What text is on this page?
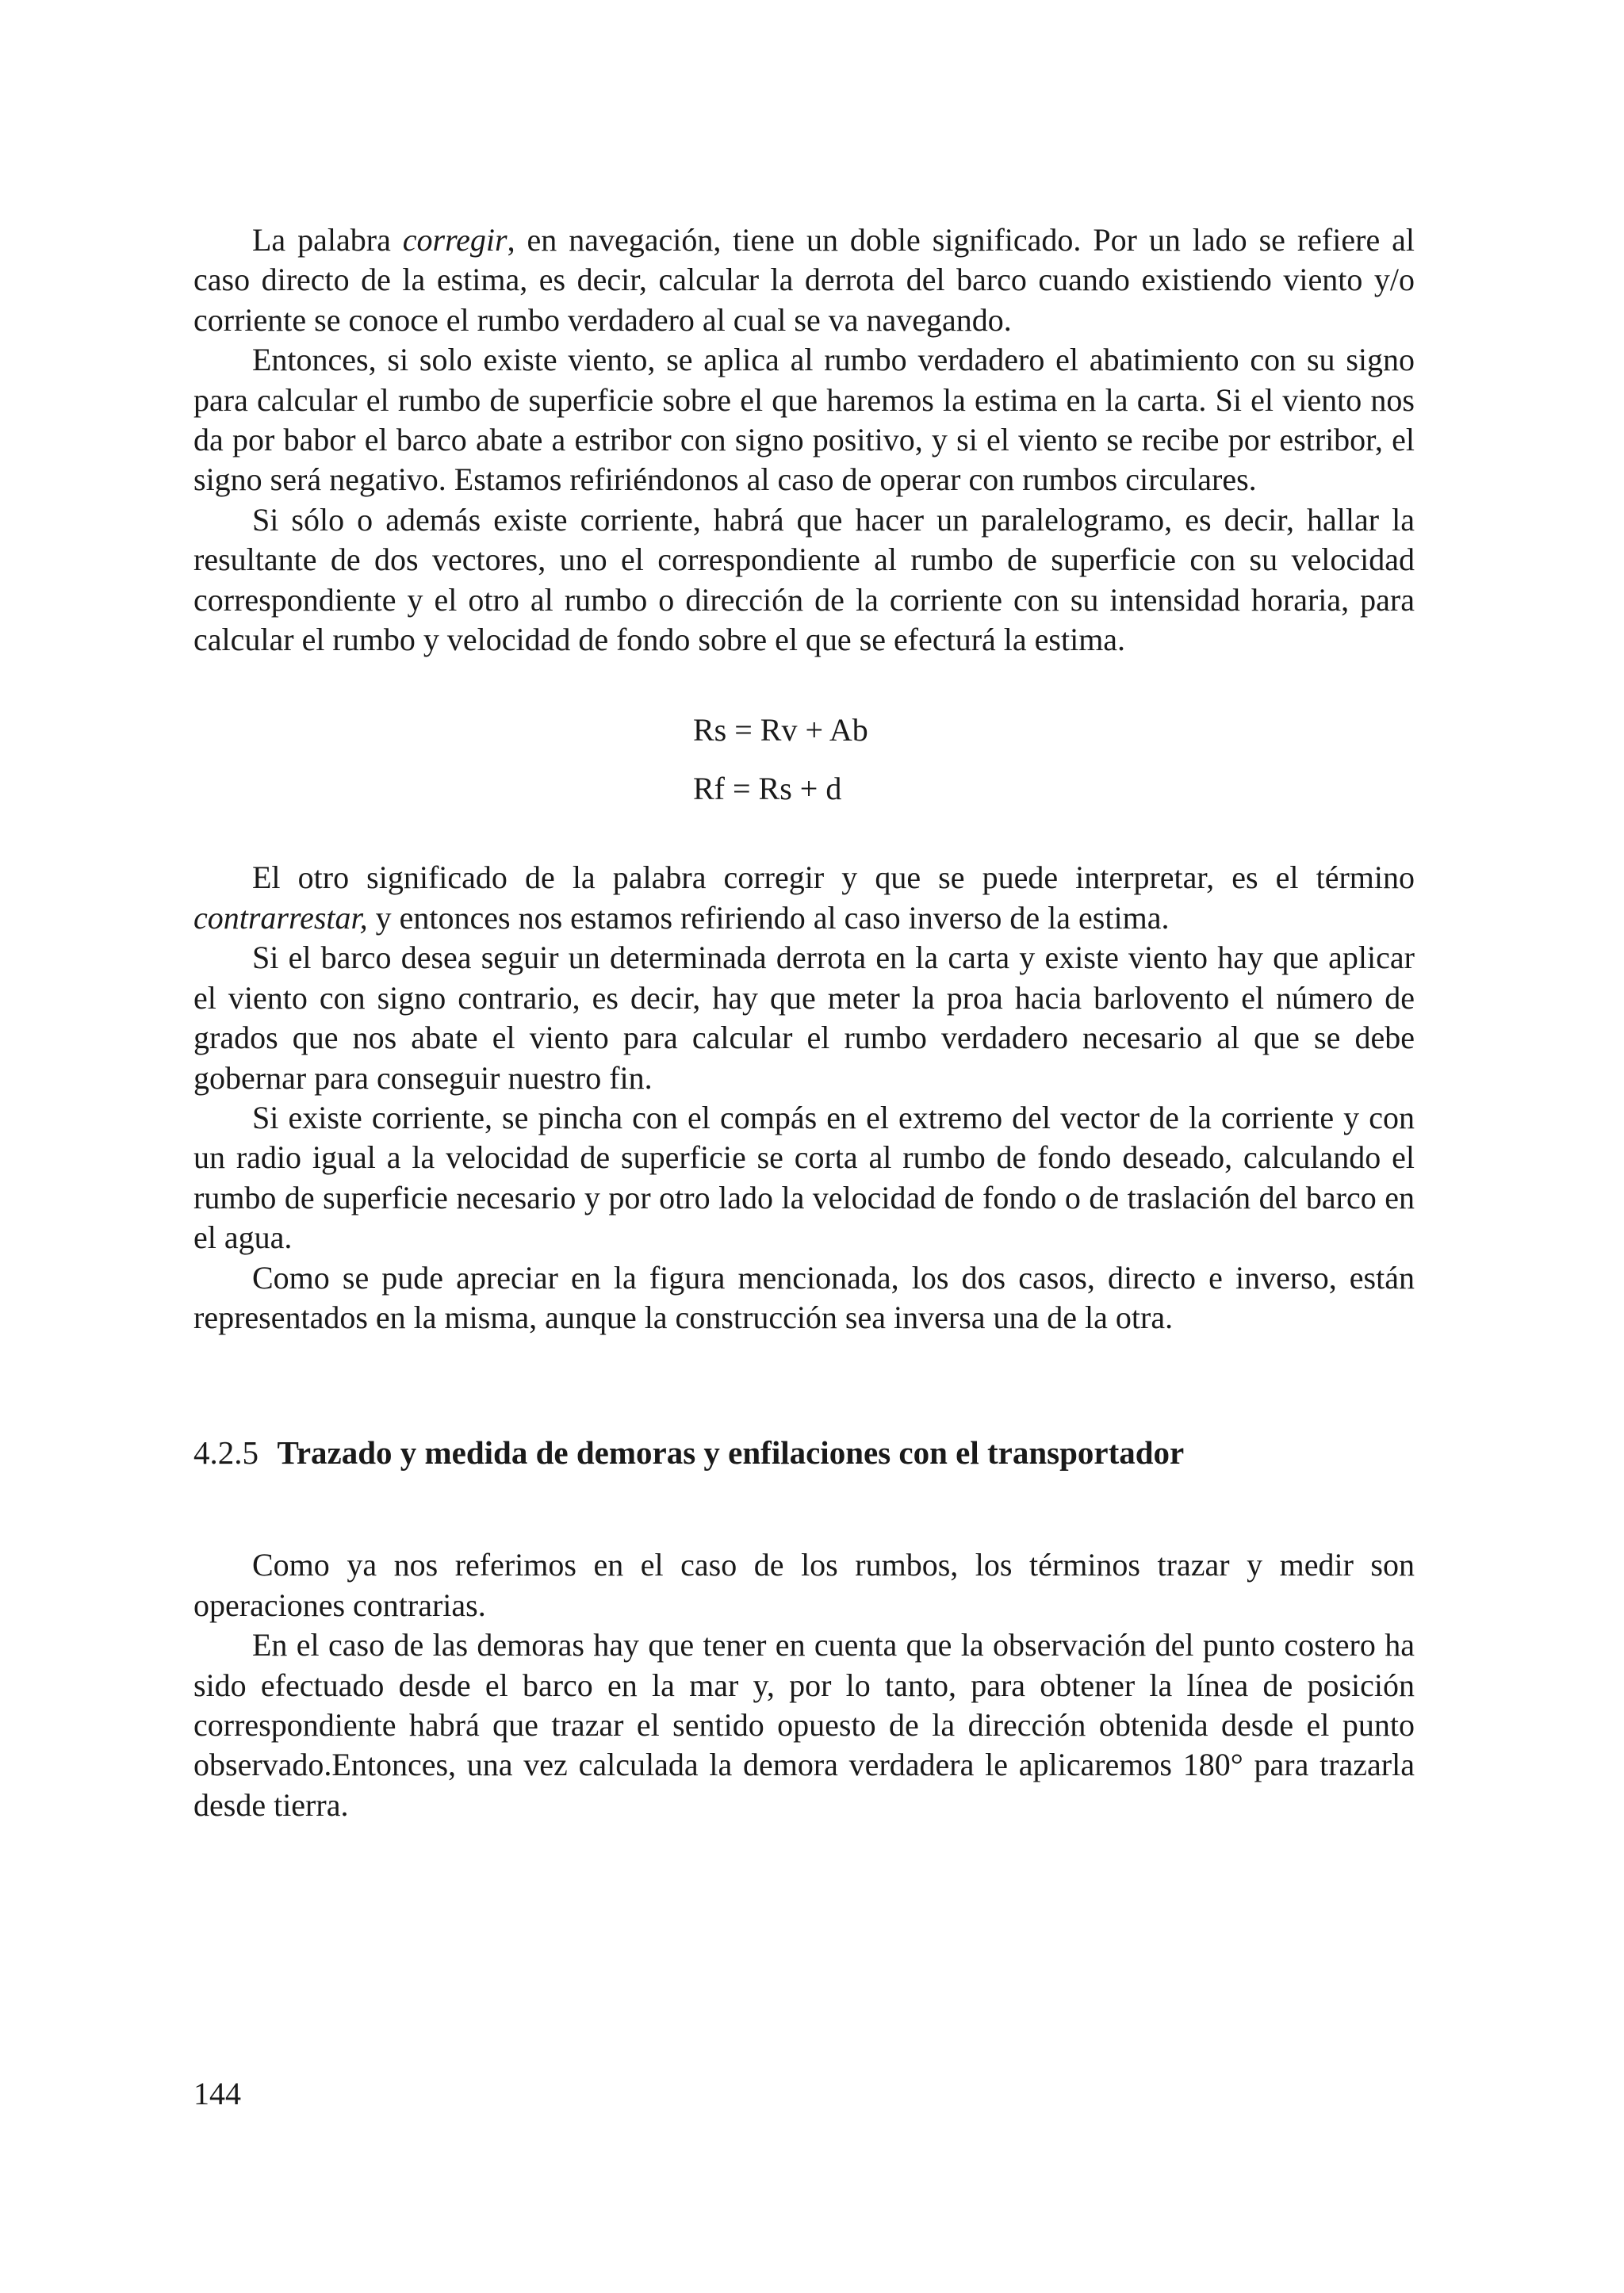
La palabra corregir, en navegación, tiene un doble significado. Por un lado se refiere al caso directo de la estima, es decir, calcular la derrota del barco cuando existiendo viento y/o corriente se conoce el rumbo verdadero al cual se va navegando.

Entonces, si solo existe viento, se aplica al rumbo verdadero el abatimiento con su signo para calcular el rumbo de superficie sobre el que haremos la estima en la carta. Si el viento nos da por babor el barco abate a estribor con signo positivo, y si el viento se recibe por estribor, el signo será negativo. Estamos refiriéndonos al caso de operar con rumbos circulares.

Si sólo o además existe corriente, habrá que hacer un paralelogramo, es decir, hallar la resultante de dos vectores, uno el correspondiente al rumbo de superficie con su velocidad correspondiente y el otro al rumbo o dirección de la corriente con su intensidad horaria, para calcular el rumbo y velocidad de fondo sobre el que se efecturá la estima.

Rs = Rv + Ab

Rf = Rs + d

El otro significado de la palabra corregir y que se puede interpretar, es el término contrarrestar, y entonces nos estamos refiriendo al caso inverso de la estima.

Si el barco desea seguir un determinada derrota en la carta y existe viento hay que aplicar el viento con signo contrario, es decir, hay que meter la proa hacia barlovento el número de grados que nos abate el viento para calcular el rumbo verdadero necesario al que se debe gobernar para conseguir nuestro fin.

Si existe corriente, se pincha con el compás en el extremo del vector de la corriente y con un radio igual a la velocidad de superficie se corta al rumbo de fondo deseado, calculando el rumbo de superficie necesario y por otro lado la velocidad de fondo o de traslación del barco en el agua.

Como se pude apreciar en la figura mencionada, los dos casos, directo e inverso, están representados en la misma, aunque la construcción sea inversa una de la otra.

4.2.5 Trazado y medida de demoras y enfilaciones con el transportador

Como ya nos referimos en el caso de los rumbos, los términos trazar y medir son operaciones contrarias.

En el caso de las demoras hay que tener en cuenta que la observación del punto costero ha sido efectuado desde el barco en la mar y, por lo tanto, para obtener la línea de posición correspondiente habrá que trazar el sentido opuesto de la dirección obtenida desde el punto observado.Entonces, una vez calculada la demora verdadera le aplicaremos 180° para trazarla desde tierra.

144
